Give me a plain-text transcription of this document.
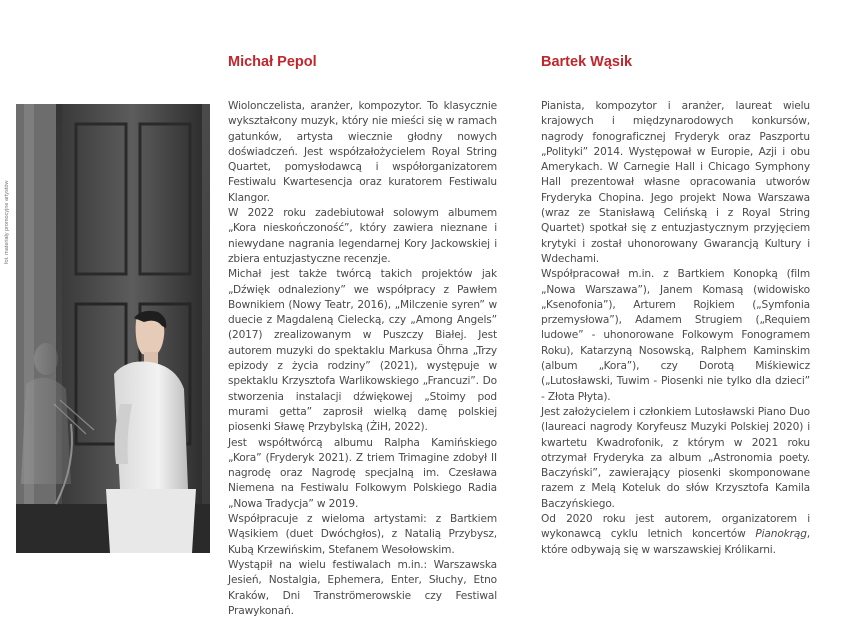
fot. materiały promocyjne artystów
Michał Pepol	Bartek Wąsik

Wiolonczelista, aranżer, kompozytor. To klasycznie wykształcony muzyk, który nie mieści się w ramach gatunków, artysta wiecznie głodny nowych doświadczeń. Jest współzałożycielem Royal String Quartet, pomysłodawcą i współorganizatorem Festiwalu Kwartesencja oraz kuratorem Festiwalu Klangor.

W 2022 roku zadebiutował solowym albumem „Kora nieskończoność”, który zawiera nieznane i niewydane nagrania legendarnej Kory Jackowskiej i zbiera entuzjastyczne recenzje.

Michał jest także twórcą takich projektów jak „Dźwięk odnaleziony” we współpracy z Pawłem Bownikiem (Nowy Teatr, 2016), „Milczenie syren” w duecie z Magdaleną Cielecką, czy „Among Angels” (2017) zrealizowanym w Puszczy Białej. Jest autorem muzyki do spektaklu Markusa Öhrna „Trzy epizody z życia rodziny” (2021), występuje w spektaklu Krzysztofa Warlikowskiego „Francuzi”. Do stworzenia instalacji dźwiękowej „Stoimy pod murami getta” zaprosił wielką damę polskiej piosenki Sławę Przybylską (ŻiH, 2022).

Jest współtwórcą albumu Ralpha Kamińskiego „Kora” (Fryderyk 2021). Z triem Trimagine zdobył II nagrodę oraz Nagrodę specjalną im. Czesława Niemena na Festiwalu Folkowym Polskiego Radia „Nowa Tradycja” w 2019.

Współpracuje z wieloma artystami: z Bartkiem Wąsikiem (duet Dwóchgłos), z Natalią Przybysz, Kubą Krzewińskim, Stefanem Wesołowskim.

Wystąpił na wielu festiwalach m.in.: Warszawska Jesień, Nostalgia, Ephemera, Enter, Słuchy, Etno Kraków, Dni Tranströmerowskie czy Festiwal Prawykonań.

Pianista, kompozytor i aranżer, laureat wielu krajowych i międzynarodowych konkursów, nagrody fonograficznej Fryderyk oraz Paszportu „Polityki” 2014. Występował w Europie, Azji i obu Amerykach. W Carnegie Hall i Chicago Symphony Hall prezentował własne opracowania utworów Fryderyka Chopina. Jego projekt Nowa Warszawa (wraz ze Stanisławą Celińską i z Royal String Quartet) spotkał się z entuzjastycznym przyjęciem krytyki i został uhonorowany Gwarancją Kultury i Wdechami.

Współpracował m.in. z Bartkiem Konopką (film „Nowa Warszawa”), Janem Komasą (widowisko „Ksenofonia”), Arturem Rojkiem („Symfonia przemysłowa”), Adamem Strugiem („Requiem ludowe” - uhonorowane Folkowym Fonogramem Roku), Katarzyną Nosowską, Ralphem Kaminskim (album „Kora”), czy Dorotą Miśkiewicz („Lutosławski, Tuwim - Piosenki nie tylko dla dzieci” - Złota Płyta).

Jest założycielem i członkiem Lutosławski Piano Duo (laureaci nagrody Koryfeusz Muzyki Polskiej 2020) i kwartetu Kwadrofonik, z którym w 2021 roku otrzymał Fryderyka za album „Astronomia poety. Baczyński”, zawierający piosenki skomponowane razem z Melą Koteluk do słów Krzysztofa Kamila Baczyńskiego.

Od 2020 roku jest autorem, organizatorem i wykonawcą cyklu letnich koncertów Pianokrąg, które odbywają się w warszawskiej Królikarni.
